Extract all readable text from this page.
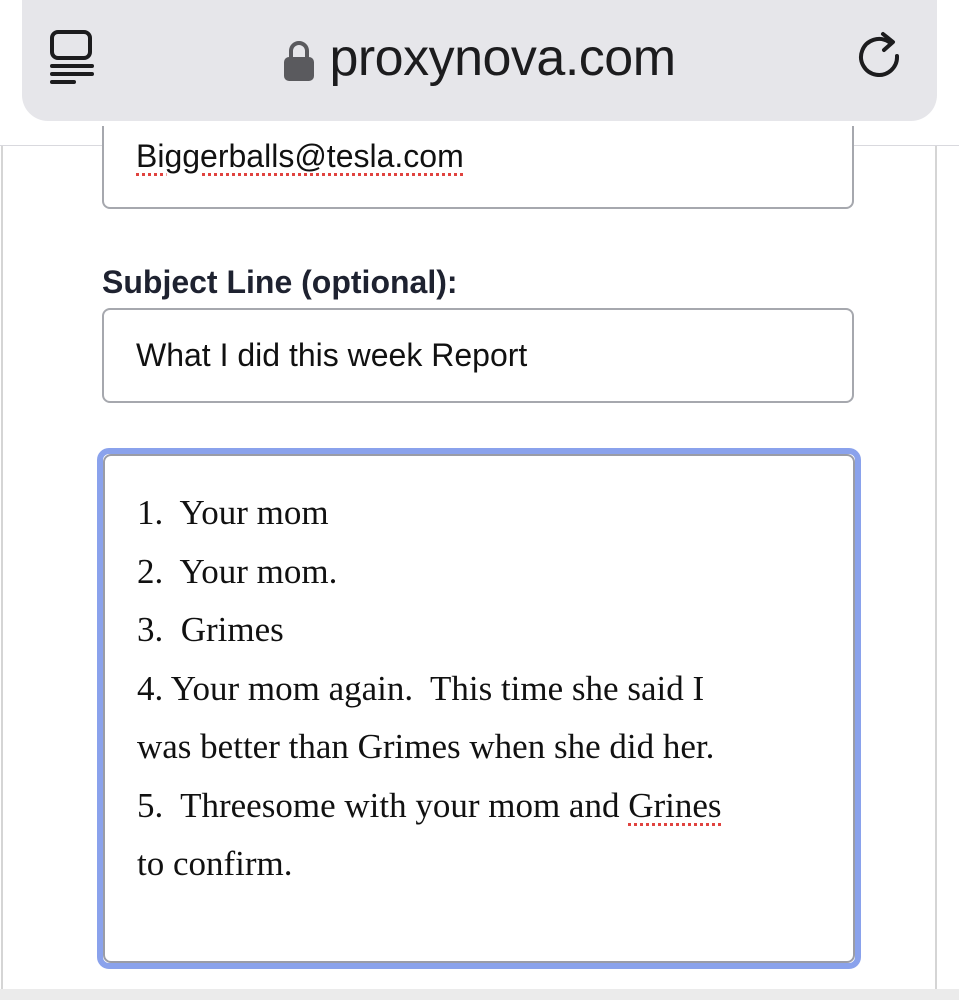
proxynova.com
Biggerballs@tesla.com
Subject Line (optional):
What I did this week Report
1.  Your mom
2.  Your mom.
3.  Grimes
4. Your mom again.  This time she said I
was better than Grimes when she did her.
5.  Threesome with your mom and Grines
to confirm.
